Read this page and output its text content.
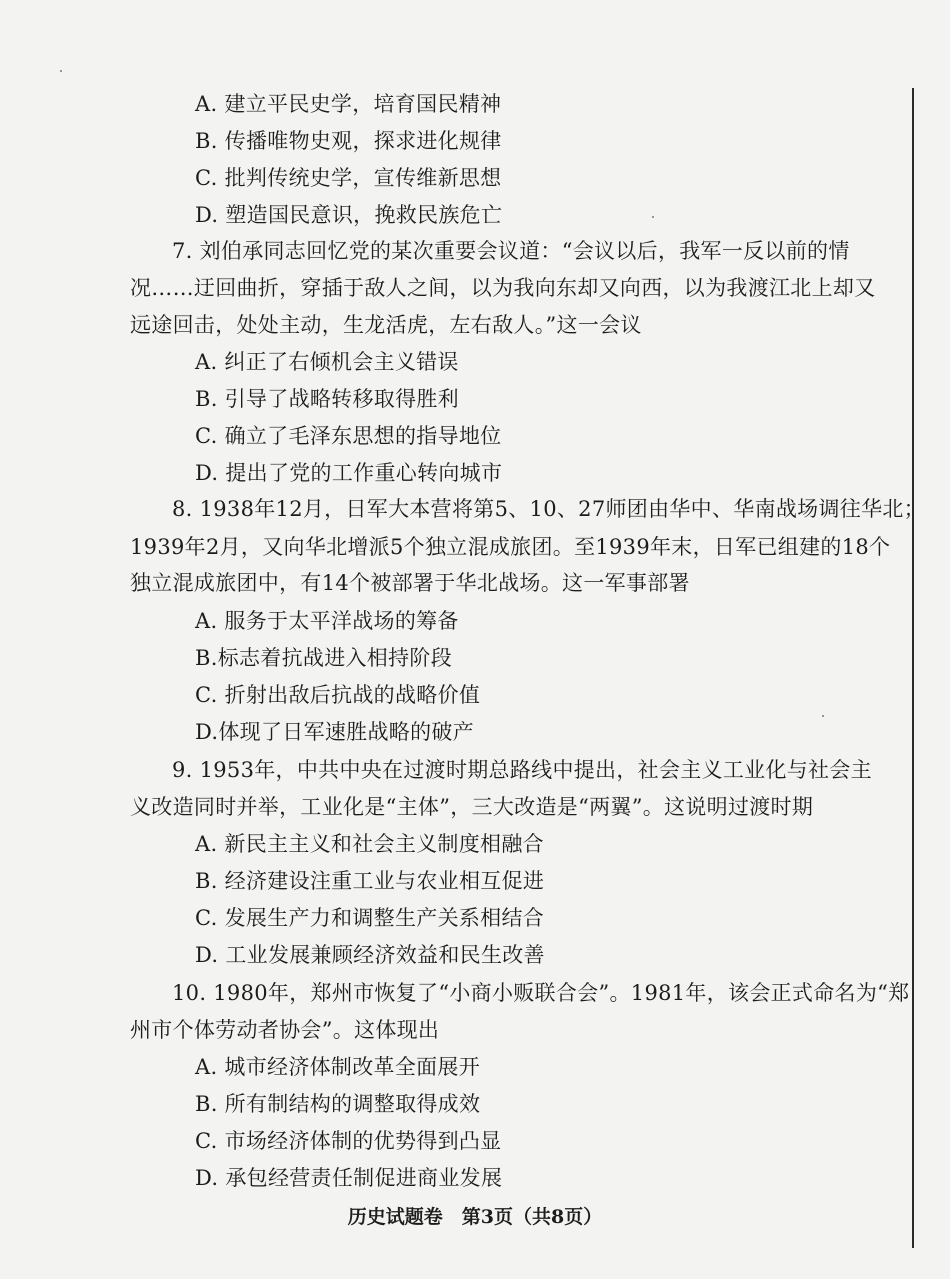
A. 建立平民史学，培育国民精神
B. 传播唯物史观，探求进化规律
C. 批判传统史学，宣传维新思想
D. 塑造国民意识，挽救民族危亡
7. 刘伯承同志回忆党的某次重要会议道：“会议以后，我军一反以前的情
况……迂回曲折，穿插于敌人之间，以为我向东却又向西，以为我渡江北上却又
远途回击，处处主动，生龙活虎，左右敌人。”这一会议
A. 纠正了右倾机会主义错误
B. 引导了战略转移取得胜利
C. 确立了毛泽东思想的指导地位
D. 提出了党的工作重心转向城市
8. 1938年12月，日军大本营将第5、10、27师团由华中、华南战场调往华北；
1939年2月，又向华北增派5个独立混成旅团。至1939年末，日军已组建的18个
独立混成旅团中，有14个被部署于华北战场。这一军事部署
A. 服务于太平洋战场的筹备
B.标志着抗战进入相持阶段
C. 折射出敌后抗战的战略价值
D.体现了日军速胜战略的破产
9. 1953年，中共中央在过渡时期总路线中提出，社会主义工业化与社会主
义改造同时并举，工业化是“主体”，三大改造是“两翼”。这说明过渡时期
A. 新民主主义和社会主义制度相融合
B. 经济建设注重工业与农业相互促进
C. 发展生产力和调整生产关系相结合
D. 工业发展兼顾经济效益和民生改善
10. 1980年，郑州市恢复了“小商小贩联合会”。1981年，该会正式命名为“郑
州市个体劳动者协会”。这体现出
A. 城市经济体制改革全面展开
B. 所有制结构的调整取得成效
C. 市场经济体制的优势得到凸显
D. 承包经营责任制促进商业发展
历史试题卷　第3页（共8页）
